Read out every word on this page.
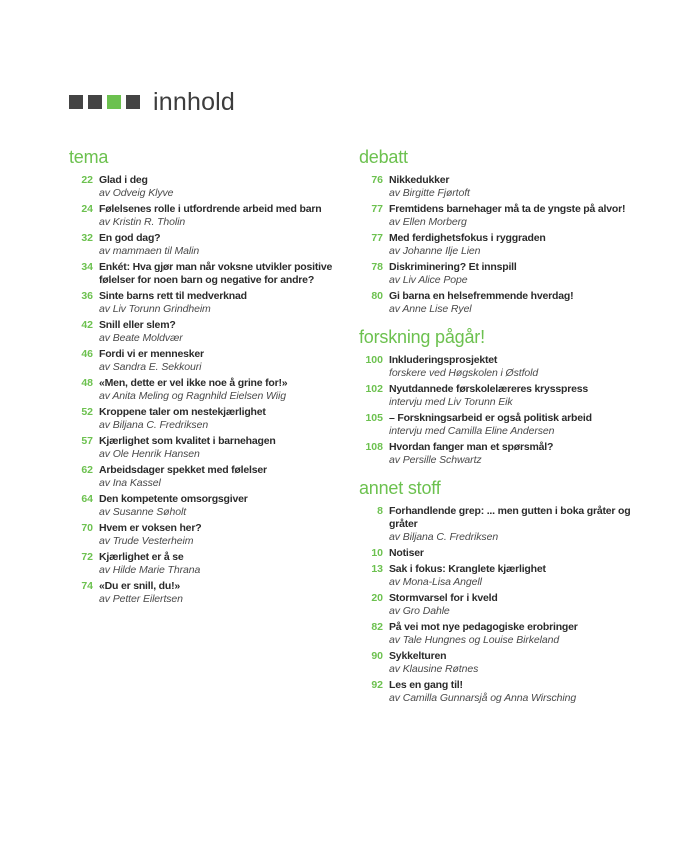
innhold
tema
22 Glad i deg
av Odveig Klyve
24 Følelsenes rolle i utfordrende arbeid med barn
av Kristin R. Tholin
32 En god dag?
av mammaen til Malin
34 Enkét: Hva gjør man når voksne utvikler positive følelser for noen barn og negative for andre?
36 Sinte barns rett til medverknad
av Liv Torunn Grindheim
42 Snill eller slem?
av Beate Moldvær
46 Fordi vi er mennesker
av Sandra E. Sekkouri
48 «Men, dette er vel ikke noe å grine for!»
av Anita Meling og Ragnhild Eielsen Wiig
52 Kroppene taler om nestekjærlighet
av Biljana C. Fredriksen
57 Kjærlighet som kvalitet i barnehagen
av Ole Henrik Hansen
62 Arbeidsdager spekket med følelser
av Ina Kassel
64 Den kompetente omsorgsgiver
av Susanne Søholt
70 Hvem er voksen her?
av Trude Vesterheim
72 Kjærlighet er å se
av Hilde Marie Thrana
74 «Du er snill, du!»
av Petter Eilertsen
debatt
76 Nikkedukker
av Birgitte Fjørtoft
77 Fremtidens barnehager må ta de yngste på alvor!
av Ellen Morberg
77 Med ferdighetsfokus i ryggraden
av Johanne Ilje Lien
78 Diskriminering? Et innspill
av Liv Alice Pope
80 Gi barna en helsefremmende hverdag!
av Anne Lise Ryel
forskning pågår!
100 Inkluderingsprosjektet
forskere ved Høgskolen i Østfold
102 Nyutdannede førskolelæreres krysspress
intervju med Liv Torunn Eik
105 – Forskningsarbeid er også politisk arbeid
intervju med Camilla Eline Andersen
108 Hvordan fanger man et spørsmål?
av Persille Schwartz
annet stoff
8 Forhandlende grep: ... men gutten i boka gråter og gråter
av Biljana C. Fredriksen
10 Notiser
13 Sak i fokus: Kranglete kjærlighet
av Mona-Lisa Angell
20 Stormvarsel for i kveld
av Gro Dahle
82 På vei mot nye pedagogiske erobringer
av Tale Hungnes og Louise Birkeland
90 Sykkelturen
av Klausine Røtnes
92 Les en gang til!
av Camilla Gunnarsjå og Anna Wirsching
